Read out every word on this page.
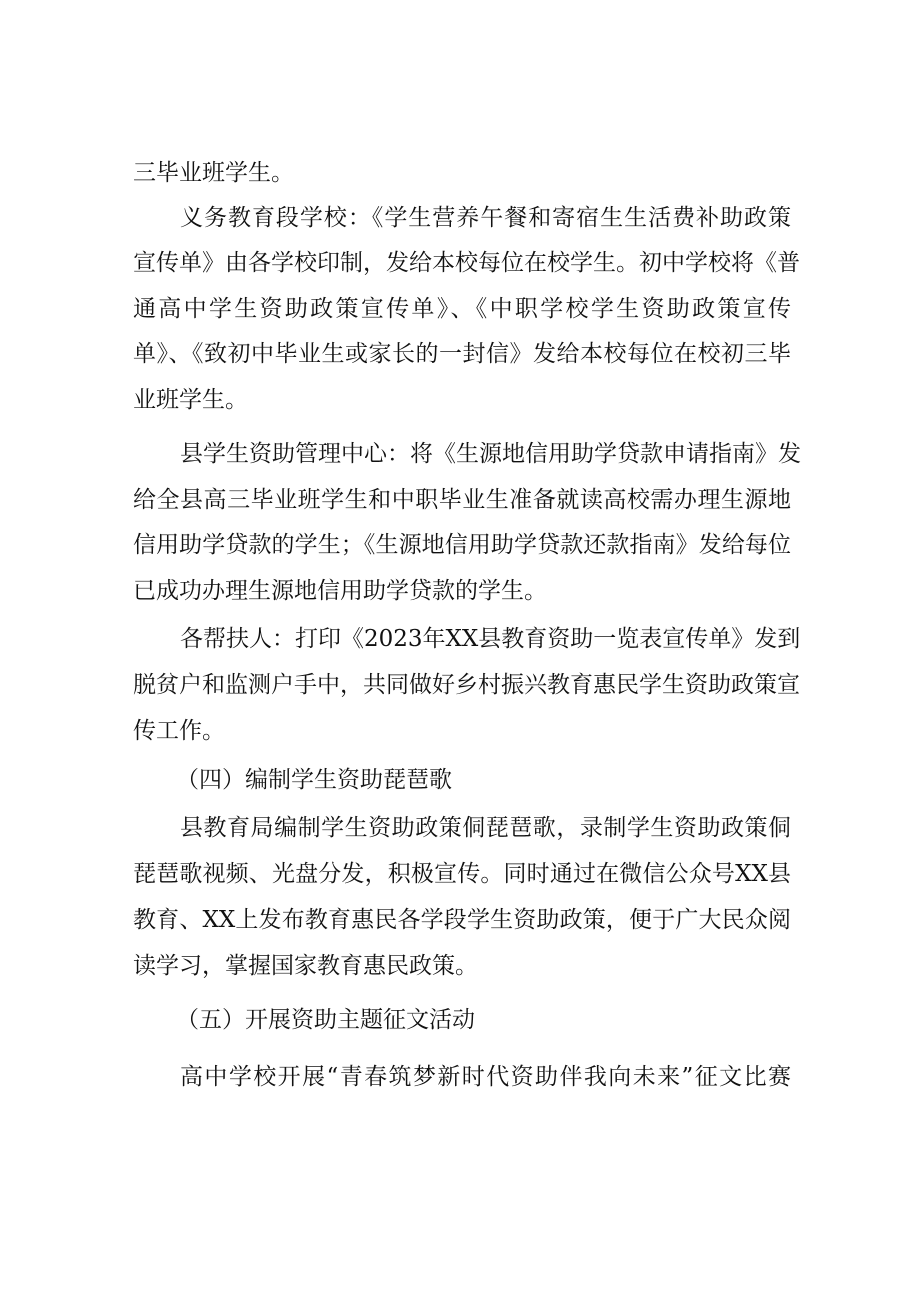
三毕业班学生。
义务教育段学校：《学生营养午餐和寄宿生生活费补助政策
宣传单》由各学校印制，发给本校每位在校学生。初中学校将《普
通高中学生资助政策宣传单》、《中职学校学生资助政策宣传
单》、《致初中毕业生或家长的一封信》发给本校每位在校初三毕
业班学生。
县学生资助管理中心：将《生源地信用助学贷款申请指南》发
给全县高三毕业班学生和中职毕业生准备就读高校需办理生源地
信用助学贷款的学生；《生源地信用助学贷款还款指南》发给每位
已成功办理生源地信用助学贷款的学生。
各帮扶人：打印《2023年XX县教育资助一览表宣传单》发到
脱贫户和监测户手中，共同做好乡村振兴教育惠民学生资助政策宣
传工作。
（四）编制学生资助琵琶歌
县教育局编制学生资助政策侗琵琶歌，录制学生资助政策侗
琵琶歌视频、光盘分发，积极宣传。同时通过在微信公众号XX县
教育、XX上发布教育惠民各学段学生资助政策，便于广大民众阅
读学习，掌握国家教育惠民政策。
（五）开展资助主题征文活动
高中学校开展“青春筑梦新时代资助伴我向未来”征文比赛
